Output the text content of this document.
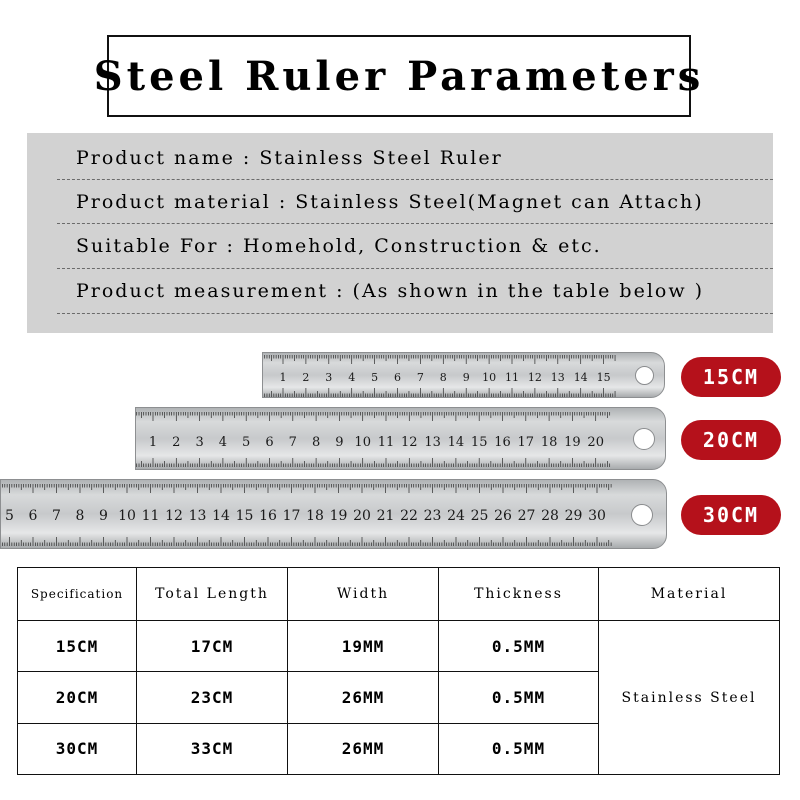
Steel Ruler Parameters
Product name : Stainless Steel Ruler
Product material : Stainless Steel(Magnet can Attach)
Suitable For : Homehold, Construction & etc.
Product measurement : (As shown in the table below )
1 2 3 4 5 6 7 8 9 10 11 12 13 14 15	15CM
1 2 3 4 5 6 7 8 9 10 11 12 13 14 15 16 17 18 19 20	20CM
5 6 7 8 9 10 11 12 13 14 15 16 17 18 19 20 21 22 23 24 25 26 27 28 29 30	30CM
Specification	Total Length	Width	Thickness	Material
15CM	17CM	19MM	0.5MM	Stainless Steel
20CM	23CM	26MM	0.5MM	
30CM	33CM	26MM	0.5MM	
